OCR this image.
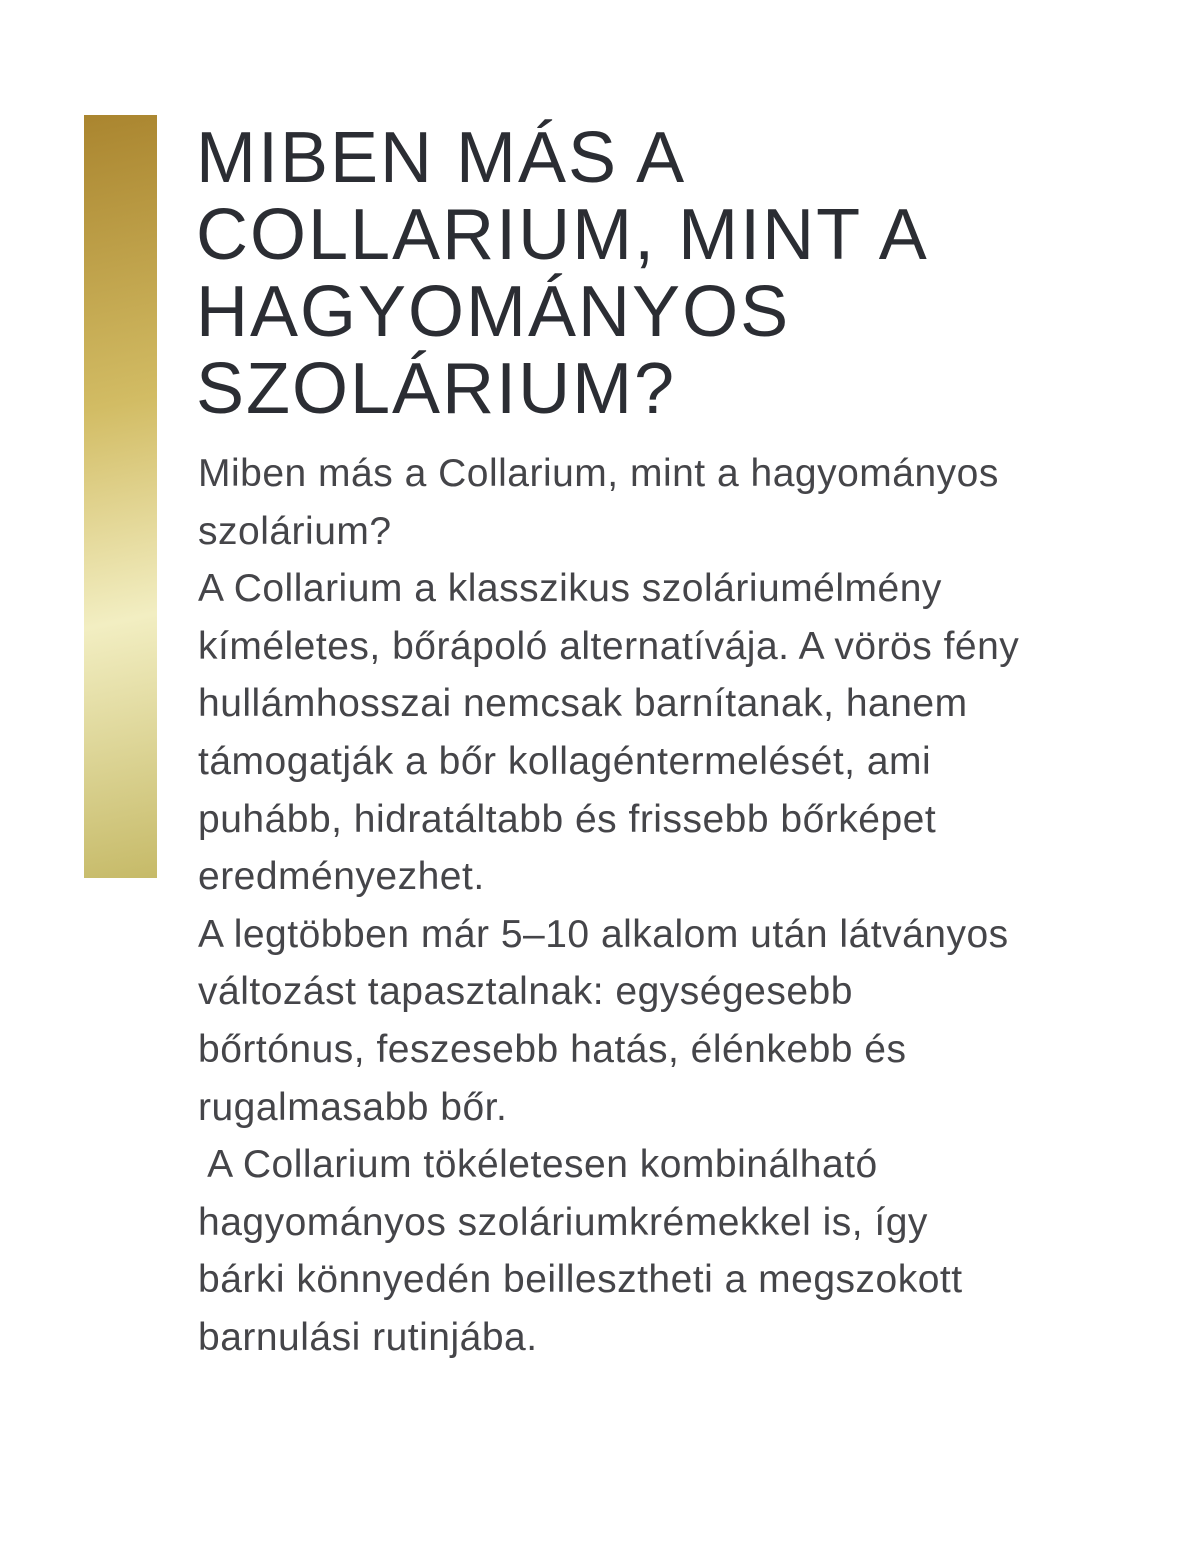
MIBEN MÁS A
COLLARIUM, MINT A
HAGYOMÁNYOS
SZOLÁRIUM?

Miben más a Collarium, mint a hagyományos
szolárium?

A Collarium a klasszikus szoláriumélmény
kíméletes, bőrápoló alternatívája. A vörös fény
hullámhosszai nemcsak barnítanak, hanem
támogatják a bőr kollagéntermelését, ami
puhább, hidratáltabb és frissebb bőrképet
eredményezhet.

A legtöbben már 5–10 alkalom után látványos
változást tapasztalnak: egységesebb
bőrtónus, feszesebb hatás, élénkebb és
rugalmasabb bőr.

A Collarium tökéletesen kombinálható
hagyományos szoláriumkrémekkel is, így
bárki könnyedén beillesztheti a megszokott
barnulási rutinjába.
